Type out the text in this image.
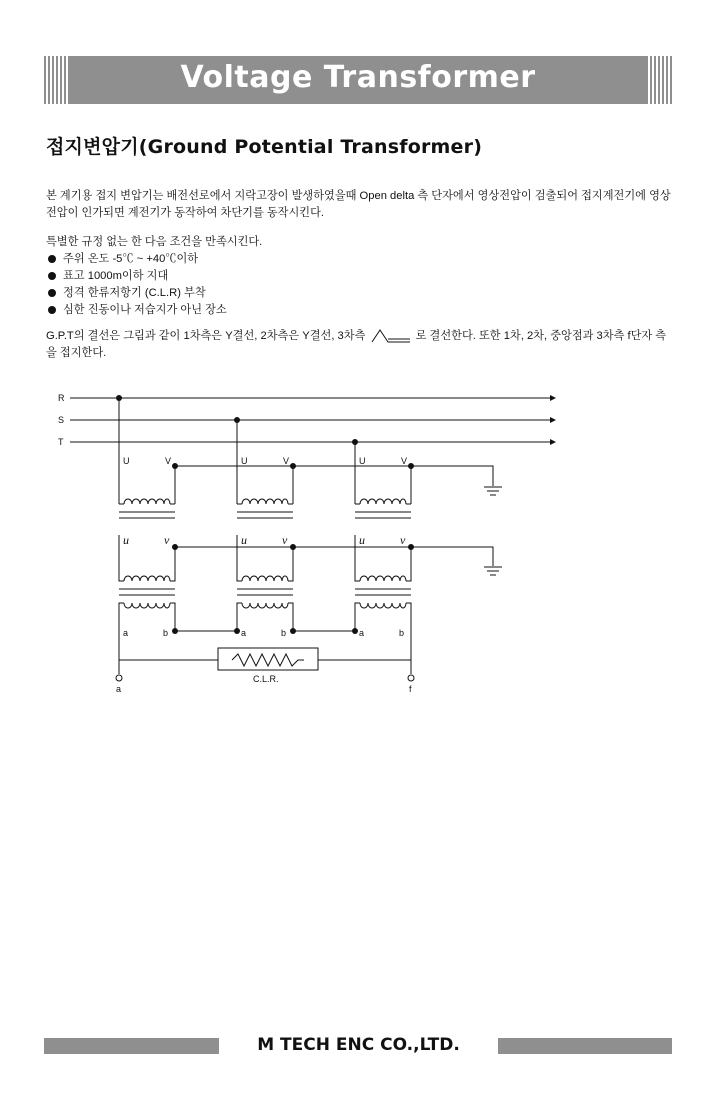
Voltage Transformer
접지변압기(Ground Potential Transformer)
본 계기용 접지 변압기는 배전선로에서 지락고장이 발생하였을때 Open delta 측 단자에서 영상전압이 검출되어 접지계전기에 영상전압이 인가되면 계전기가 동작하여 차단기를 동작시킨다.
특별한 규정 없는 한 다음 조건을 만족시킨다.
주위 온도 -5℃ ~ +40℃이하
표고 1000m이하 지대
정격 한류저항기 (C.L.R) 부착
심한 진동이나 저습지가 아닌 장소
G.P.T의 결선은 그림과 같이 1차측은 Y결선, 2차측은 Y결선, 3차측	로 결선한다. 또한 1차, 2차, 중앙점과 3차측 f단자 측을 접지한다.
R
S
T
U	V	U	V	U	V
u	v	u	v	u	v
a	b	a	b	a	b
C.L.R.
a	f
M TECH ENC CO.,LTD.
